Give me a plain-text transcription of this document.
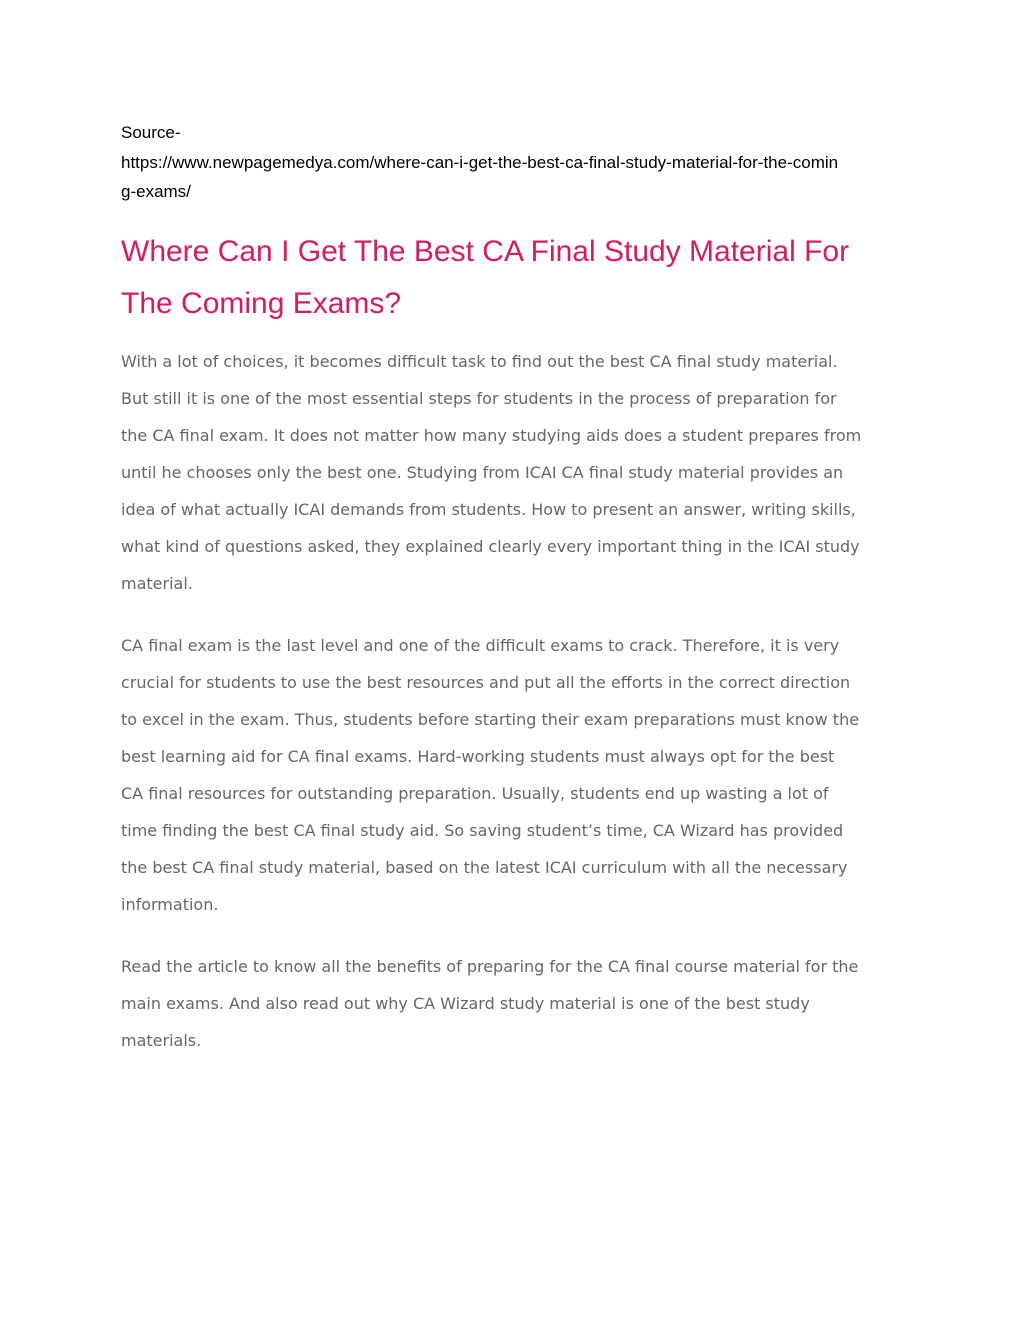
Source-
https://www.newpagemedya.com/where-can-i-get-the-best-ca-final-study-material-for-the-comin
g-exams/
Where Can I Get The Best CA Final Study Material For
The Coming Exams?
With a lot of choices, it becomes difficult task to find out the best CA final study material.
But still it is one of the most essential steps for students in the process of preparation for
the CA final exam. It does not matter how many studying aids does a student prepares from
until he chooses only the best one. Studying from ICAI CA final study material provides an
idea of what actually ICAI demands from students. How to present an answer, writing skills,
what kind of questions asked, they explained clearly every important thing in the ICAI study
material.
CA final exam is the last level and one of the difficult exams to crack. Therefore, it is very
crucial for students to use the best resources and put all the efforts in the correct direction
to excel in the exam. Thus, students before starting their exam preparations must know the
best learning aid for CA final exams. Hard-working students must always opt for the best
CA final resources for outstanding preparation. Usually, students end up wasting a lot of
time finding the best CA final study aid. So saving student’s time, CA Wizard has provided
the best CA final study material, based on the latest ICAI curriculum with all the necessary
information.
Read the article to know all the benefits of preparing for the CA final course material for the
main exams. And also read out why CA Wizard study material is one of the best study
materials.
